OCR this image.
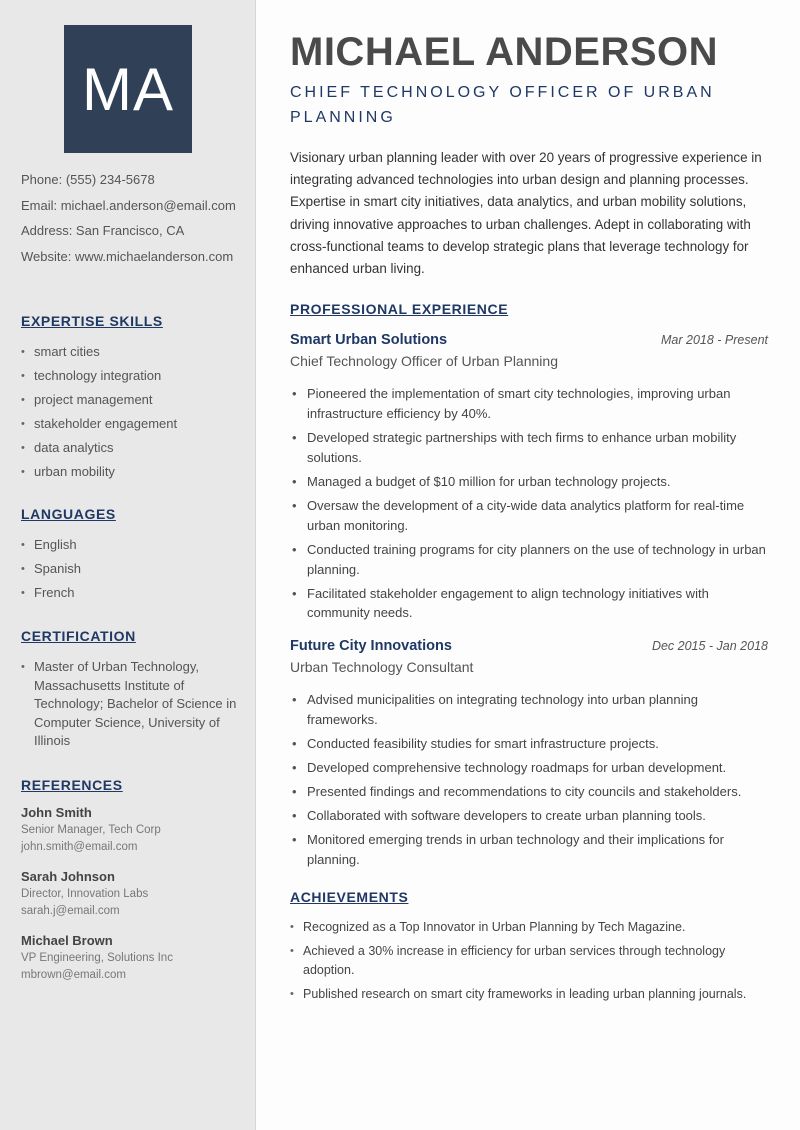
MA
Phone: (555) 234-5678
Email: michael.anderson@email.com
Address: San Francisco, CA
Website: www.michaelanderson.com
EXPERTISE SKILLS
• smart cities
• technology integration
• project management
• stakeholder engagement
• data analytics
• urban mobility
LANGUAGES
• English
• Spanish
• French
CERTIFICATION
• Master of Urban Technology, Massachusetts Institute of Technology; Bachelor of Science in Computer Science, University of Illinois
REFERENCES
John Smith
Senior Manager, Tech Corp
john.smith@email.com
Sarah Johnson
Director, Innovation Labs
sarah.j@email.com
Michael Brown
VP Engineering, Solutions Inc
mbrown@email.com
MICHAEL ANDERSON
CHIEF TECHNOLOGY OFFICER OF URBAN PLANNING

Visionary urban planning leader with over 20 years of progressive experience in integrating advanced technologies into urban design and planning processes. Expertise in smart city initiatives, data analytics, and urban mobility solutions, driving innovative approaches to urban challenges. Adept in collaborating with cross-functional teams to develop strategic plans that leverage technology for enhanced urban living.

PROFESSIONAL EXPERIENCE
Smart Urban Solutions	Mar 2018 - Present
Chief Technology Officer of Urban Planning
• Pioneered the implementation of smart city technologies, improving urban infrastructure efficiency by 40%.
• Developed strategic partnerships with tech firms to enhance urban mobility solutions.
• Managed a budget of $10 million for urban technology projects.
• Oversaw the development of a city-wide data analytics platform for real-time urban monitoring.
• Conducted training programs for city planners on the use of technology in urban planning.
• Facilitated stakeholder engagement to align technology initiatives with community needs.
Future City Innovations	Dec 2015 - Jan 2018
Urban Technology Consultant
• Advised municipalities on integrating technology into urban planning frameworks.
• Conducted feasibility studies for smart infrastructure projects.
• Developed comprehensive technology roadmaps for urban development.
• Presented findings and recommendations to city councils and stakeholders.
• Collaborated with software developers to create urban planning tools.
• Monitored emerging trends in urban technology and their implications for planning.
ACHIEVEMENTS
• Recognized as a Top Innovator in Urban Planning by Tech Magazine.
• Achieved a 30% increase in efficiency for urban services through technology adoption.
• Published research on smart city frameworks in leading urban planning journals.
